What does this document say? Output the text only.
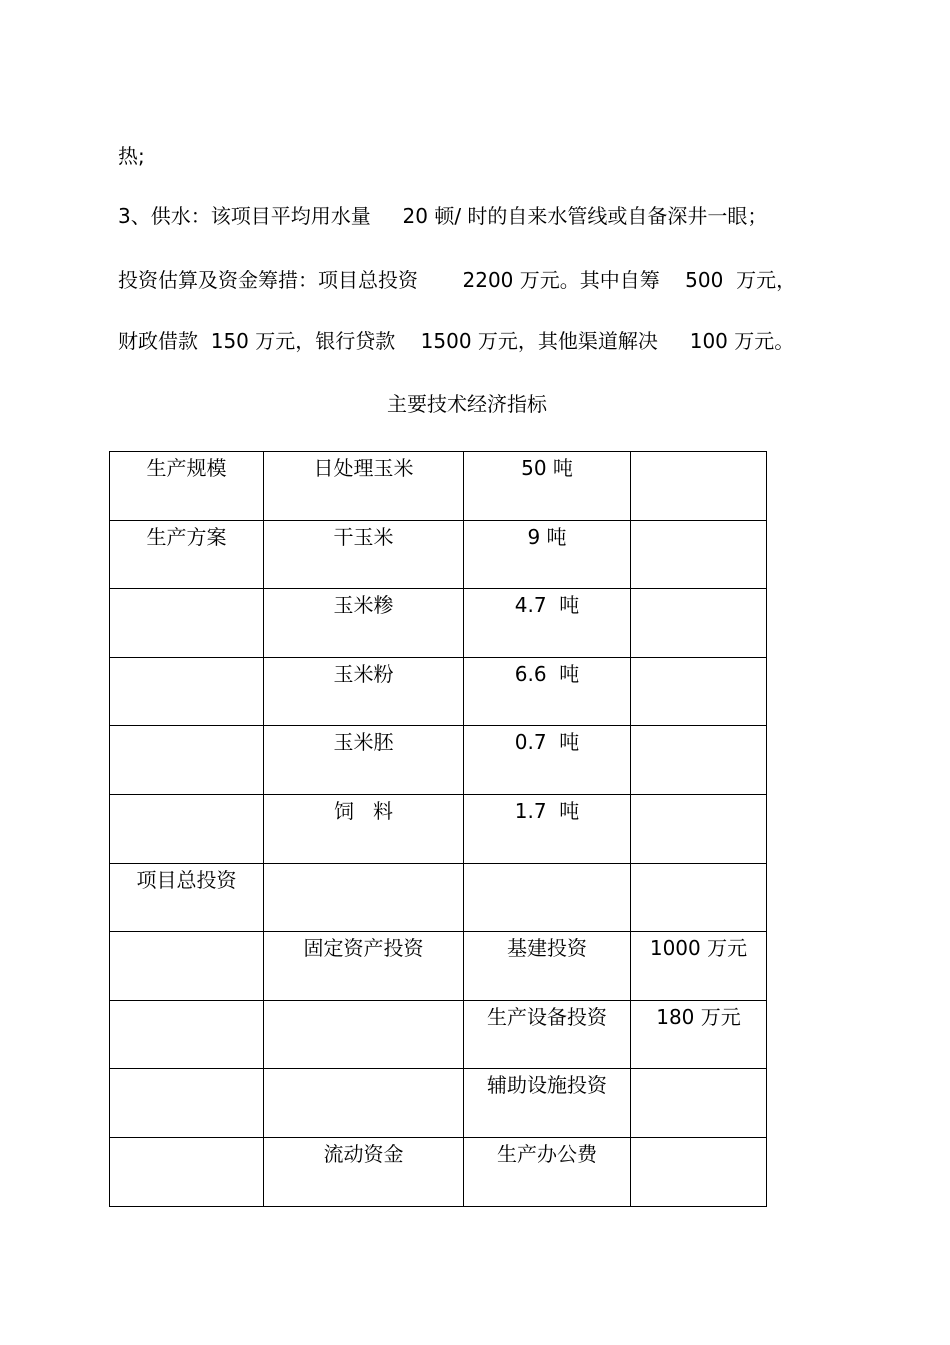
热;

3、供水：该项目平均用水量     20 顿/ 时的自来水管线或自备深井一眼；

投资估算及资金筹措：项目总投资       2200 万元。其中自筹    500  万元，

财政借款  150 万元，银行贷款    1500 万元，其他渠道解决     100 万元。

主要技术经济指标
生产规模	日处理玉米	50 吨	
生产方案	干玉米	9 吨	
	玉米糁	4.7  吨	
	玉米粉	6.6  吨	
	玉米胚	0.7  吨	
	饲   料	1.7  吨	
项目总投资			
	固定资产投资	基建投资	1000 万元
		生产设备投资	180 万元
		辅助设施投资	
	流动资金	生产办公费	
